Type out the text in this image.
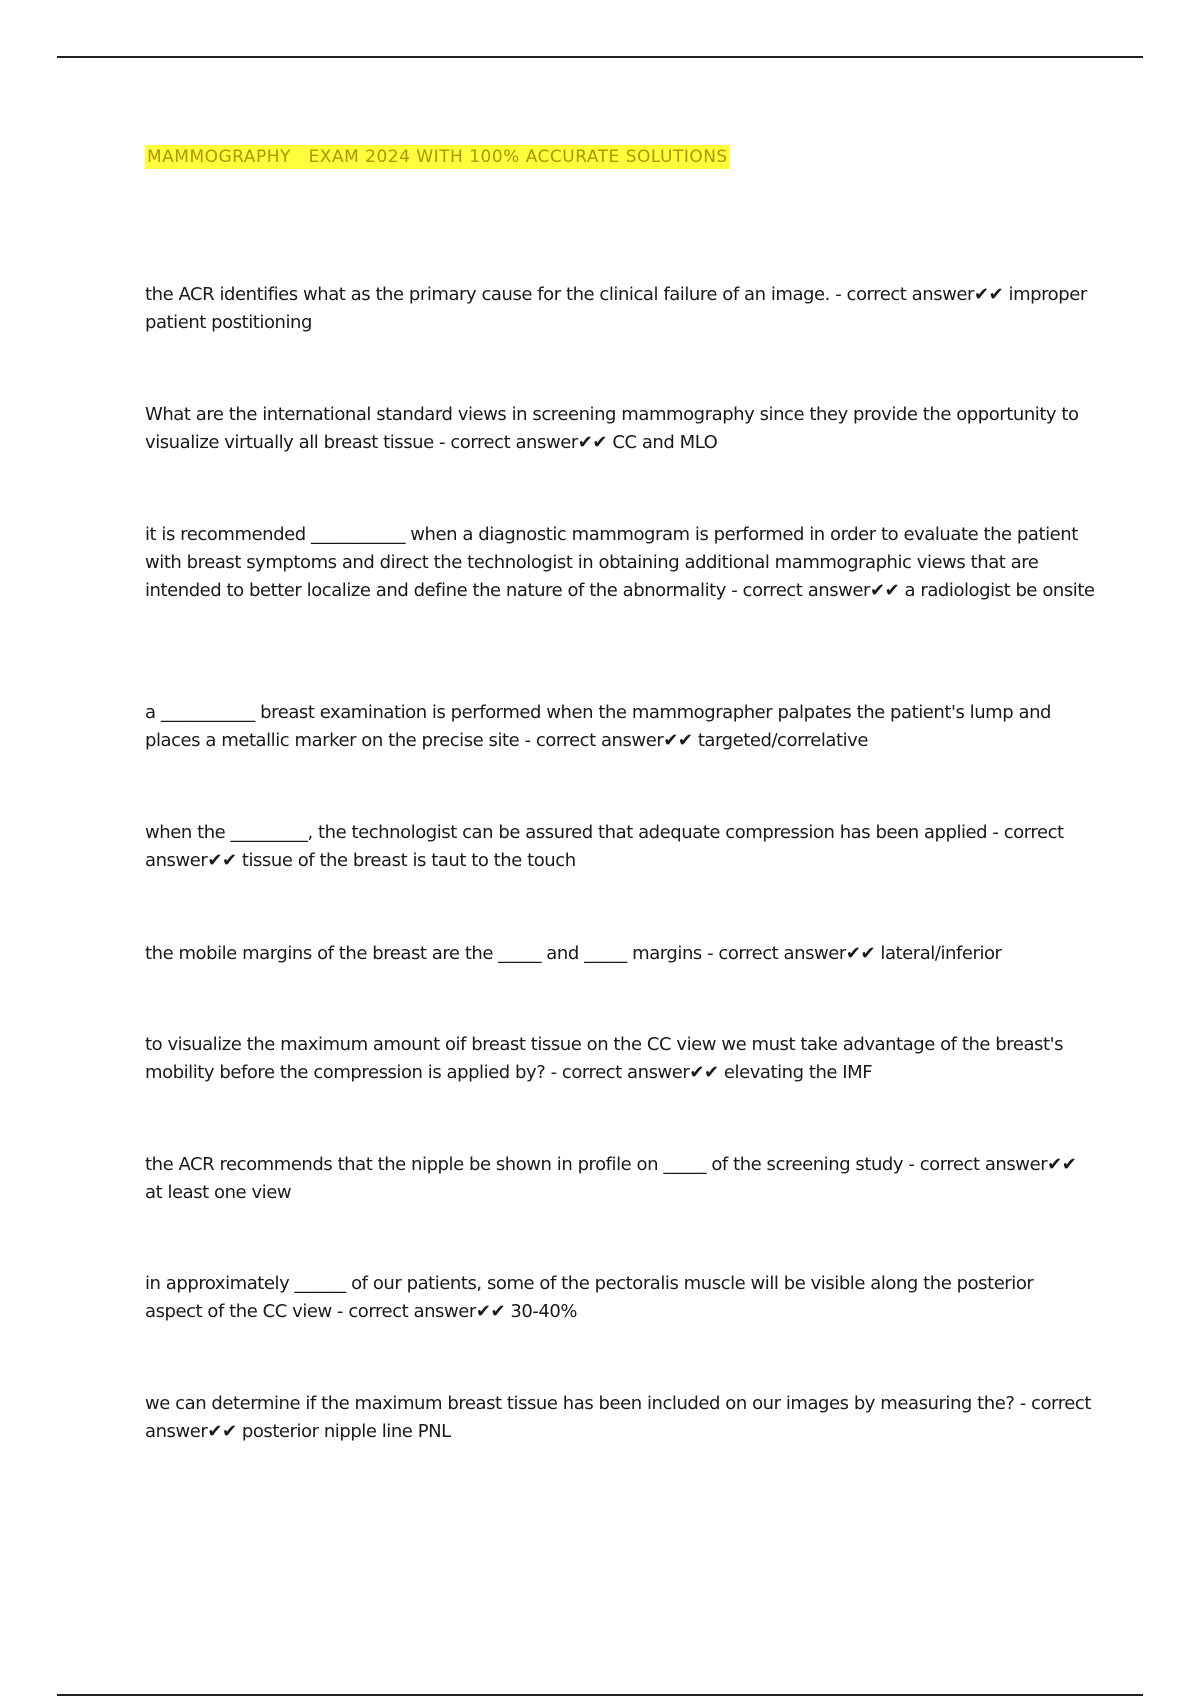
MAMMOGRAPHY   EXAM 2024 WITH 100% ACCURATE SOLUTIONS

the ACR identifies what as the primary cause for the clinical failure of an image. - correct answer✔✔ improper patient postitioning

What are the international standard views in screening mammography since they provide the opportunity to visualize virtually all breast tissue - correct answer✔✔ CC and MLO

it is recommended ___________ when a diagnostic mammogram is performed in order to evaluate the patient with breast symptoms and direct the technologist in obtaining additional mammographic views that are intended to better localize and define the nature of the abnormality - correct answer✔✔ a radiologist be onsite

a ___________ breast examination is performed when the mammographer palpates the patient's lump and places a metallic marker on the precise site - correct answer✔✔ targeted/correlative

when the _________, the technologist can be assured that adequate compression has been applied - correct answer✔✔ tissue of the breast is taut to the touch

the mobile margins of the breast are the _____ and _____ margins - correct answer✔✔ lateral/inferior

to visualize the maximum amount oif breast tissue on the CC view we must take advantage of the breast's mobility before the compression is applied by? - correct answer✔✔ elevating the IMF

the ACR recommends that the nipple be shown in profile on _____ of the screening study - correct answer✔✔ at least one view

in approximately ______ of our patients, some of the pectoralis muscle will be visible along the posterior aspect of the CC view - correct answer✔✔ 30-40%

we can determine if the maximum breast tissue has been included on our images by measuring the? - correct answer✔✔ posterior nipple line PNL
